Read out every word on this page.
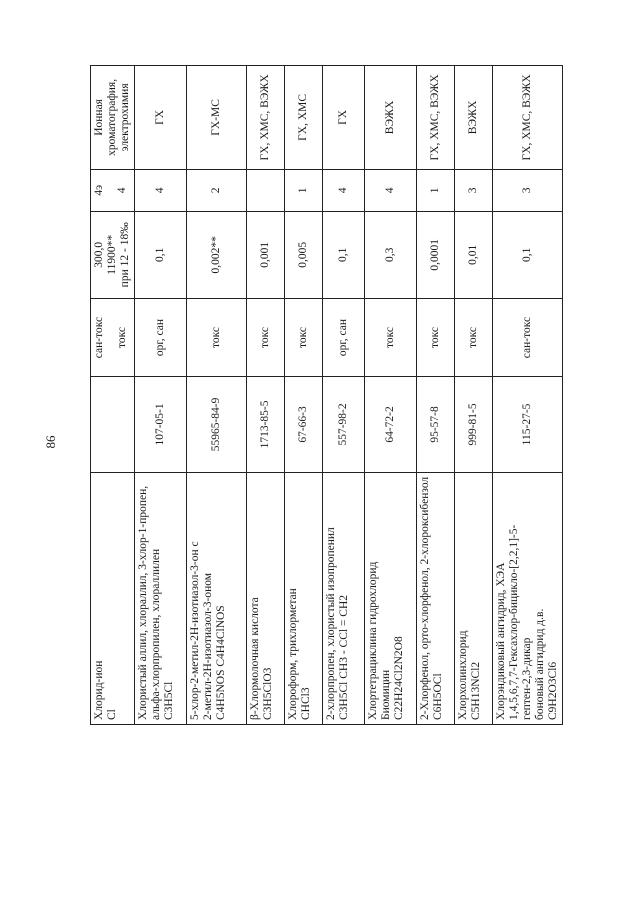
86
Хлорид-ион Cl		сан-токс токс	300,0 11900** при 12 - 18‰	4э 4	Ионная хроматография, электрохимия

Хлористый аллил, хлораллил, 3-хлор-1-пропен, альфа-хлорпропилен, хлораллилен C3H5Cl	107-05-1	орг, сан	0,1	4	ГХ

5-хлор-2-метил-2Н-изотиазол-3-он с 2-метил-2Н-изотиазол-3-оном C4H5NOS C4H4ClNOS	55965-84-9	токс	0,002**	2	ГХ-МС

β-Хлормолочная кислота C3H5ClO3	1713-85-5	токс	0,001		ГХ, ХМС, ВЭЖХ

Хлороформ, трихлорметан CHCl3	67-66-3	токс	0,005	1	ГХ, ХМС

2-хлорпропен, хлористый изопропенил C3H5Cl CH3 - CCl = CH2	557-98-2	орг, сан	0,1	4	ГХ

Хлортетрациклина гидрохлорид Биомицин C22H24Cl2N2O8	64-72-2	токс	0,3	4	ВЭЖХ

2-Хлорфенол, орто-хлорфенол, 2-хлороксибензол C6H5OCl	95-57-8	токс	0,0001	1	ГХ, ХМС, ВЭЖХ

Хлорхолинхлорид C5H13NCl2	999-81-5	токс	0,01	3	ВЭЖХ

Хлорэндиковый ангидрид, ХЭА 1,4,5,6,7,7-Гексахлор-бицикло-[2,2,1]-5-гептен-2,3-дикар боновый ангидрид д.в. C9H2O3Cl6	115-27-5	сан-токс	0,1	3	ГХ, ХМС, ВЭЖХ
